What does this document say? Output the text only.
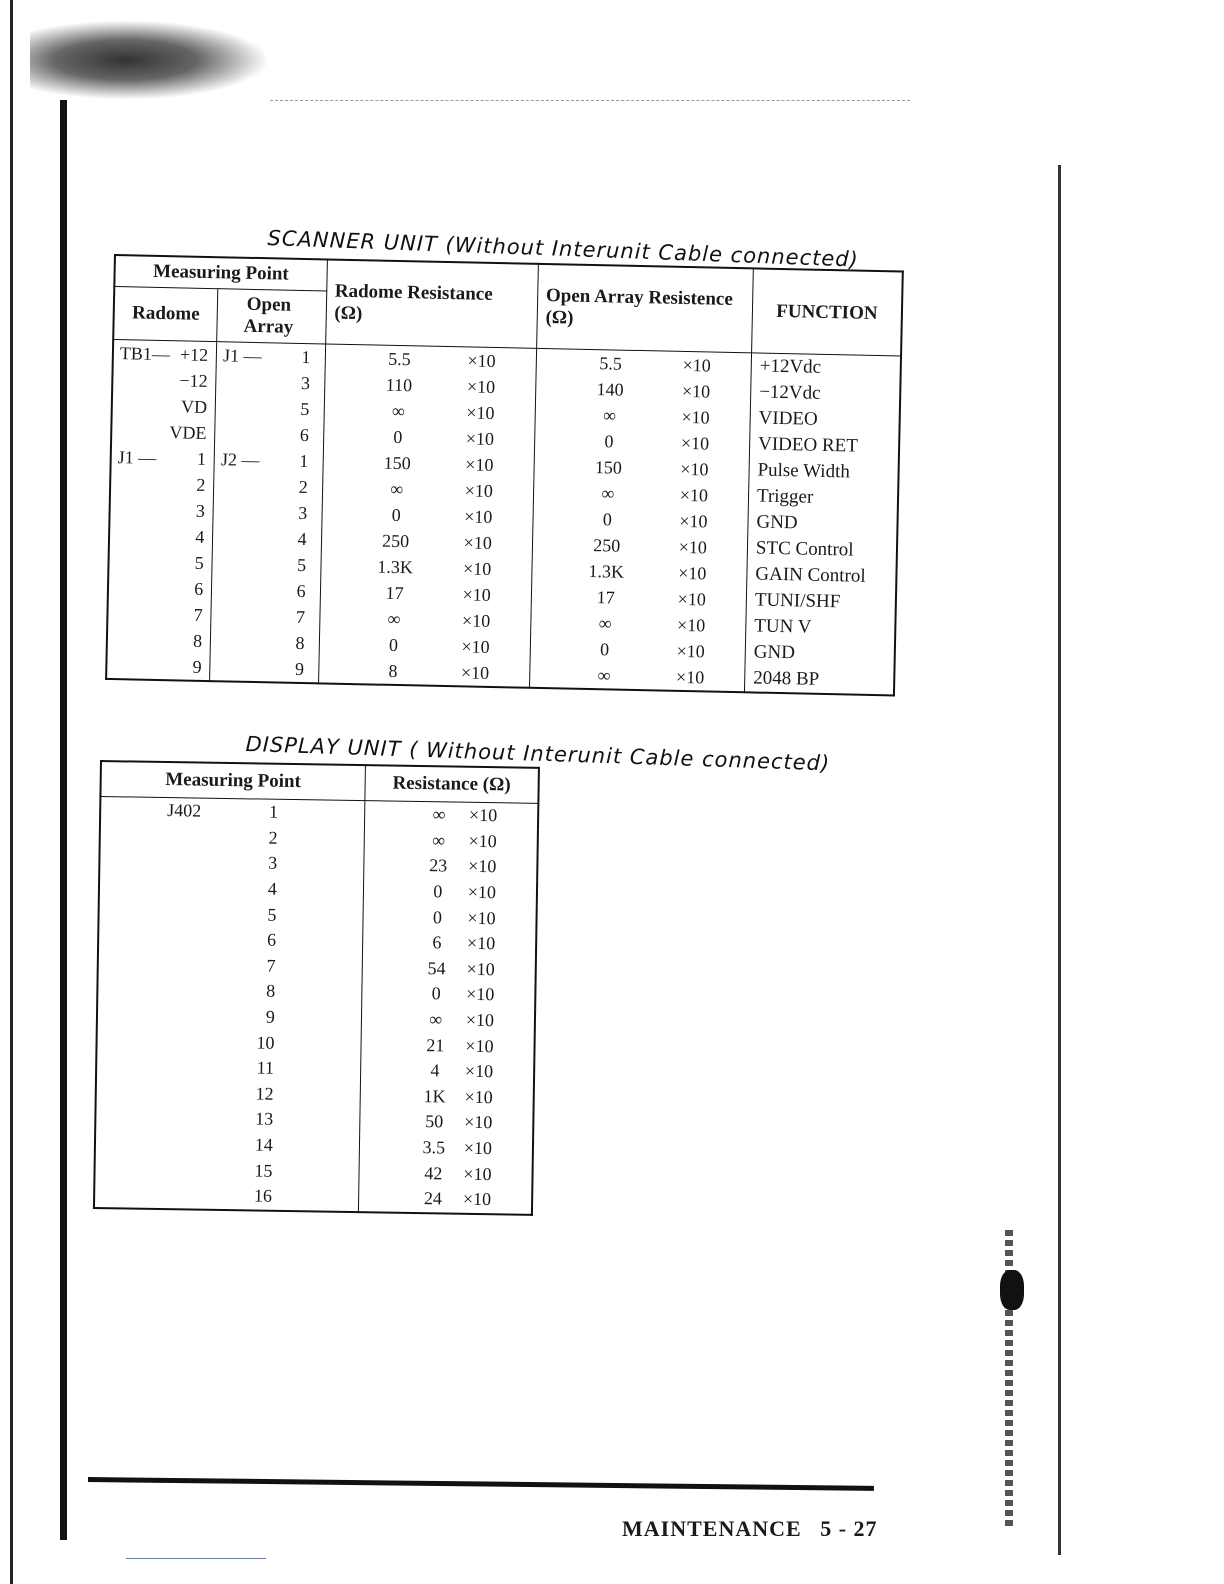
SCANNER UNIT (Without Interunit Cable connected)
Measuring Point		Radome Resistance
(Ω)	Open Array Resistence
(Ω)	FUNCTION
Radome	Open Array			

TB1— +12	J1 — 1	5.5 ×10	5.5 ×10	+12Vdc

−12	3	110 ×10	140 ×10	−12Vdc

VD	5	∞ ×10	∞ ×10	VIDEO

VDE	6	0 ×10	0 ×10	VIDEO RET

J1 — 1	J2 — 1	150 ×10	150 ×10	Pulse Width

2	2	∞ ×10	∞ ×10	Trigger

3	3	0 ×10	0 ×10	GND

4	4	250 ×10	250 ×10	STC Control

5	5	1.3K ×10	1.3K ×10	GAIN Control

6	6	17 ×10	17 ×10	TUNI/SHF

7	7	∞ ×10	∞ ×10	TUN V

8	8	0 ×10	0 ×10	GND

9	9	8 ×10	∞ ×10	2048 BP
DISPLAY UNIT ( Without Interunit Cable connected)
Measuring Point	Resistance (Ω)

J402 1	∞ ×10

2	∞ ×10

3	23 ×10

4	0 ×10

5	0 ×10

6	6 ×10

7	54 ×10

8	0 ×10

9	∞ ×10

10	21 ×10

11	4 ×10

12	1K ×10

13	50 ×10

14	3.5 ×10

15	42 ×10

16	24 ×10
MAINTENANCE 5 - 27
